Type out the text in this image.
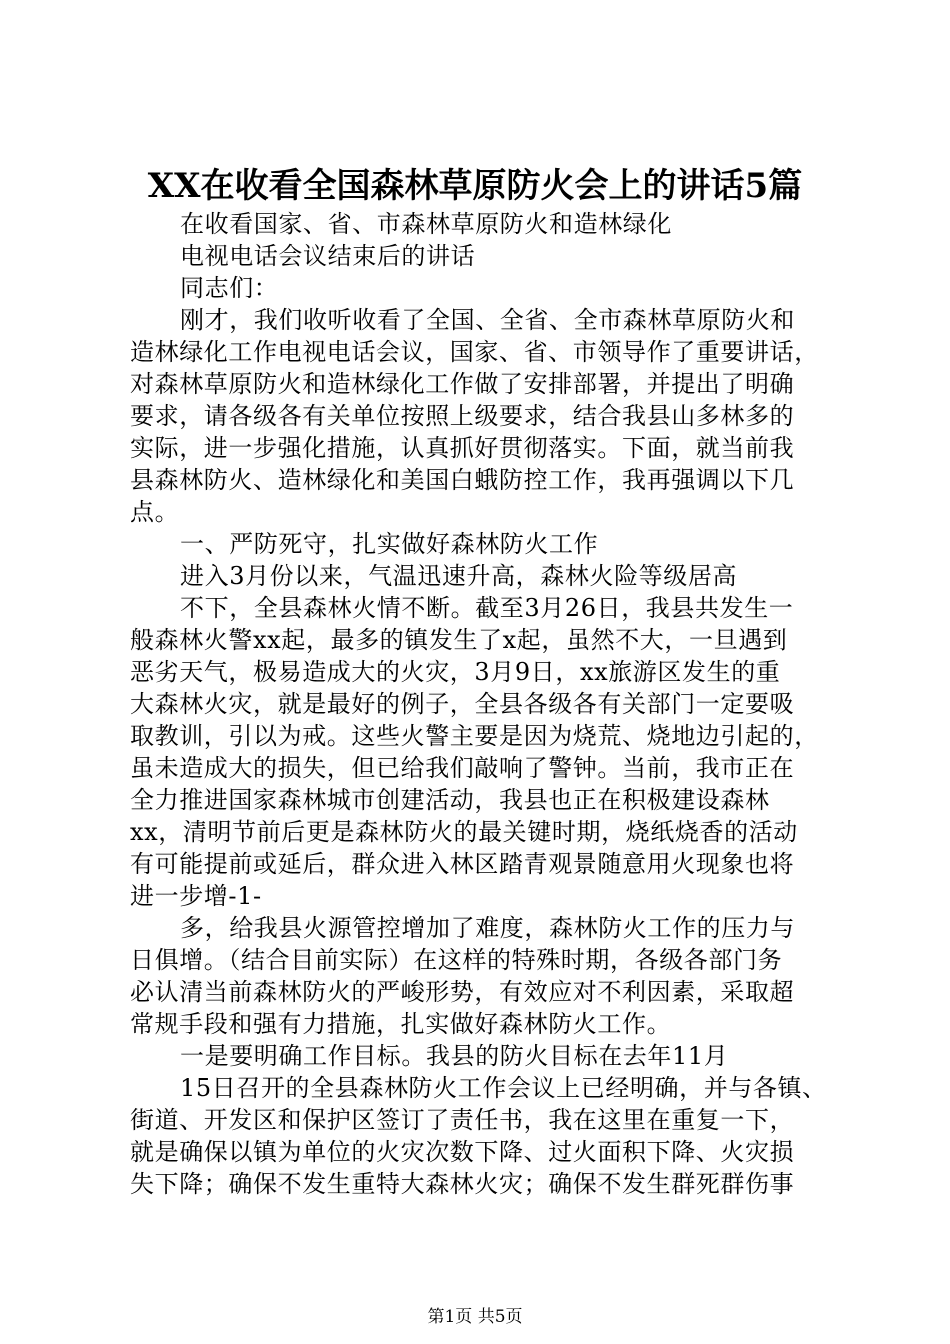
XX在收看全国森林草原防火会上的讲话5篇
在收看国家、省、市森林草原防火和造林绿化
电视电话会议结束后的讲话
同志们：
刚才，我们收听收看了全国、全省、全市森林草原防火和
造林绿化工作电视电话会议，国家、省、市领导作了重要讲话，
对森林草原防火和造林绿化工作做了安排部署，并提出了明确
要求，请各级各有关单位按照上级要求，结合我县山多林多的
实际，进一步强化措施，认真抓好贯彻落实。下面，就当前我
县森林防火、造林绿化和美国白蛾防控工作，我再强调以下几
点。
一、严防死守，扎实做好森林防火工作
进入3月份以来，气温迅速升高，森林火险等级居高
不下，全县森林火情不断。截至3月26日，我县共发生一
般森林火警xx起，最多的镇发生了x起，虽然不大，一旦遇到
恶劣天气，极易造成大的火灾，3月9日，xx旅游区发生的重
大森林火灾，就是最好的例子，全县各级各有关部门一定要吸
取教训，引以为戒。这些火警主要是因为烧荒、烧地边引起的，
虽未造成大的损失，但已给我们敲响了警钟。当前，我市正在
全力推进国家森林城市创建活动，我县也正在积极建设森林
xx，清明节前后更是森林防火的最关键时期，烧纸烧香的活动
有可能提前或延后，群众进入林区踏青观景随意用火现象也将
进一步增-1-
多，给我县火源管控增加了难度，森林防火工作的压力与
日俱增。（结合目前实际）在这样的特殊时期，各级各部门务
必认清当前森林防火的严峻形势，有效应对不利因素，采取超
常规手段和强有力措施，扎实做好森林防火工作。
一是要明确工作目标。我县的防火目标在去年11月
15日召开的全县森林防火工作会议上已经明确，并与各镇、
街道、开发区和保护区签订了责任书，我在这里在重复一下，
就是确保以镇为单位的火灾次数下降、过火面积下降、火灾损
失下降；确保不发生重特大森林火灾；确保不发生群死群伤事
第1页 共5页
